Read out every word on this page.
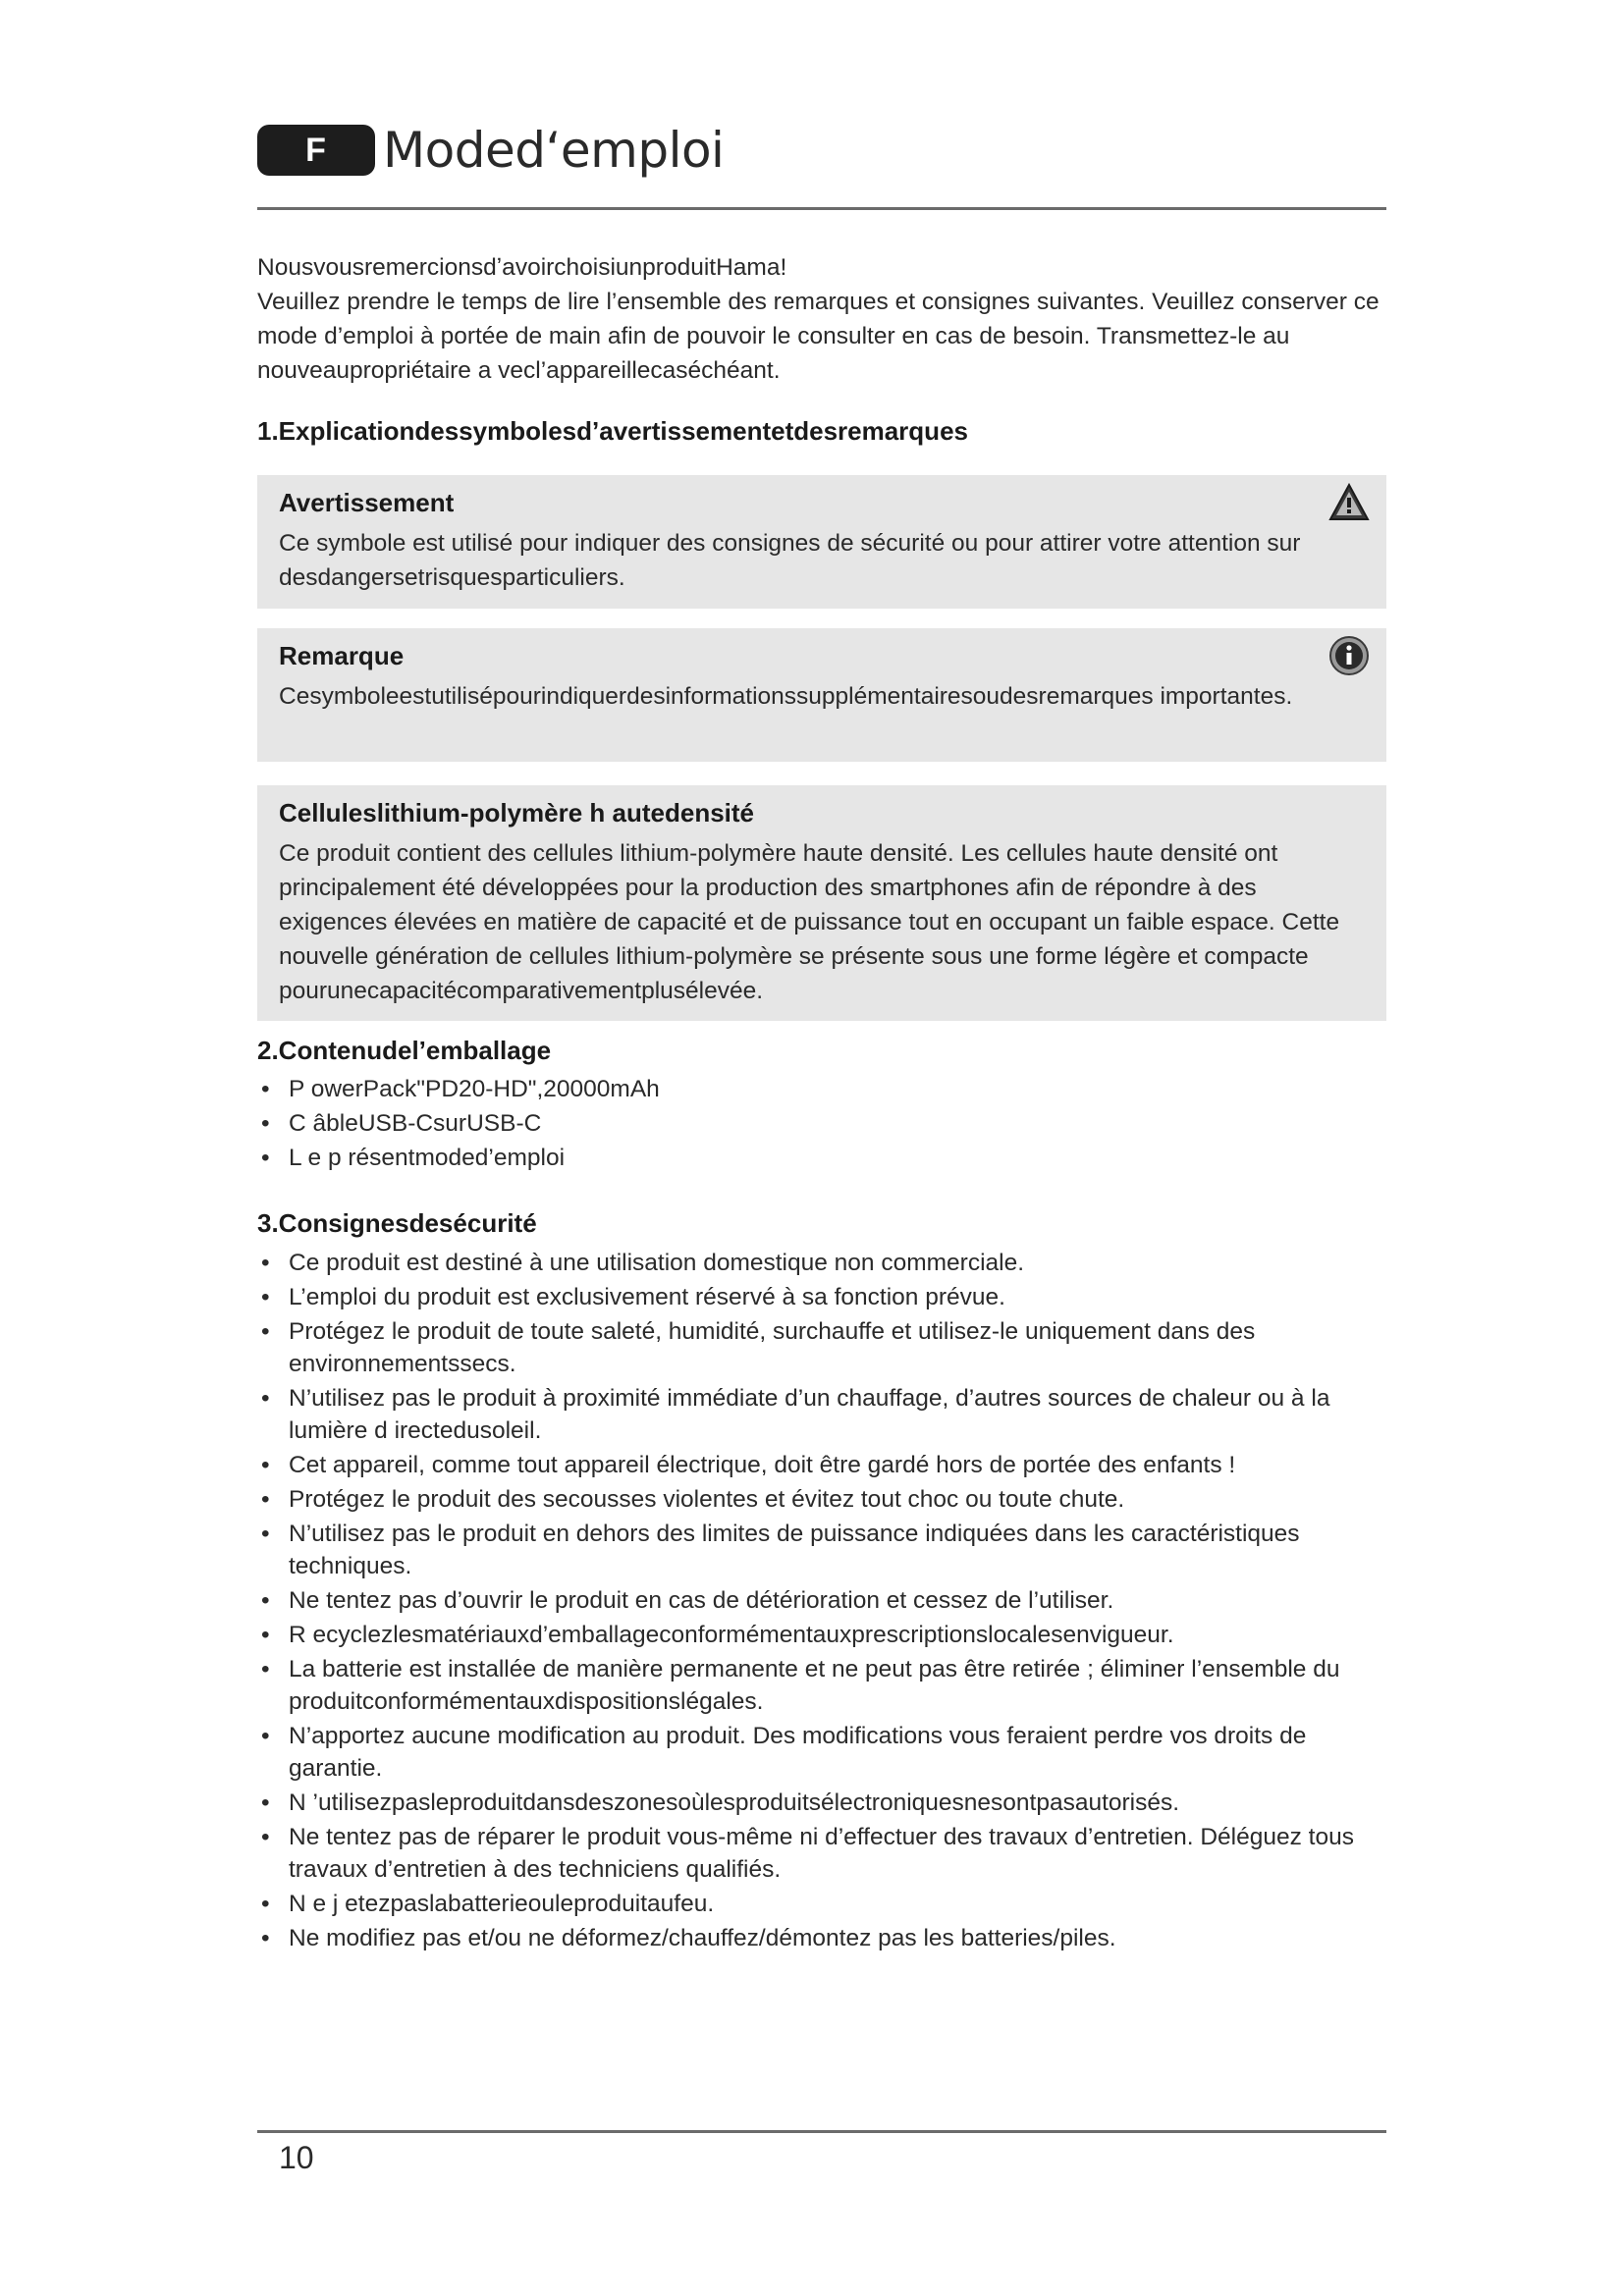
F	Moded‘emploi

NousvousremercionsdʼavoirchoisiunproduitHama!

Veuillez prendre le temps de lire l’ensemble des remarques et consignes suivantes. Veuillez conserver ce mode d’emploi à portée de main afin de pouvoir le consulter en cas de besoin. Transmettez-le au nouveaupropriétaire a vecl’appareillecaséchéant.

1.Explicationdessymbolesd’avertissementetdesremarques
Avertissement
Ce symbole est utilisé pour indiquer des consignes de sécurité ou pour attirer votre attention sur desdangersetrisquesparticuliers.
Remarque
Cesymboleestutilisépourindiquerdesinformationssupplémentairesoudesremarques importantes.
Celluleslithium-polymère h autedensité
Ce produit contient des cellules lithium-polymère haute densité. Les cellules haute densité ont principalement été développées pour la production des smartphones afin de répondre à des exigences élevées en matière de capacité et de puissance tout en occupant un faible espace. Cette nouvelle génération de cellules lithium-polymère se présente sous une forme légère et compacte pourunecapacitécomparativementplusélevée.
2.Contenudel’emballage
• P owerPack"PD20-HD",20000mAh
• C âbleUSB-CsurUSB-C
• L e p résentmoded’emploi
3.Consignesdesécurité
• Ce produit est destiné à une utilisation domestique non commerciale.
• L’emploi du produit est exclusivement réservé à sa fonction prévue.
• Protégez le produit de toute saleté, humidité, surchauffe et utilisez-le uniquement dans des environnementssecs.
• N’utilisez pas le produit à proximité immédiate d’un chauffage, d’autres sources de chaleur ou à la lumière d irectedusoleil.
• Cet appareil, comme tout appareil électrique, doit être gardé hors de portée des enfants !
• Protégez le produit des secousses violentes et évitez tout choc ou toute chute.
• N’utilisez pas le produit en dehors des limites de puissance indiquées dans les caractéristiques techniques.
• Ne tentez pas d’ouvrir le produit en cas de détérioration et cessez de l’utiliser.
• R ecyclezlesmatériauxd’emballageconformémentauxprescriptionslocalesenvigueur.
• La batterie est installée de manière permanente et ne peut pas être retirée ; éliminer l’ensemble du produitconformémentauxdispositionslégales.
• N’apportez aucune modification au produit. Des modifications vous feraient perdre vos droits de garantie.
• N ’utilisezpasleproduitdansdeszonesoùlesproduitsélectroniquesnesontpasautorisés.
• Ne tentez pas de réparer le produit vous-même ni d’effectuer des travaux d’entretien. Déléguez tous travaux d’entretien à des techniciens qualifiés.
• N e j etezpaslabatterieouleproduitaufeu.
• Ne modifiez pas et/ou ne déformez/chauffez/démontez pas les batteries/piles.
10
